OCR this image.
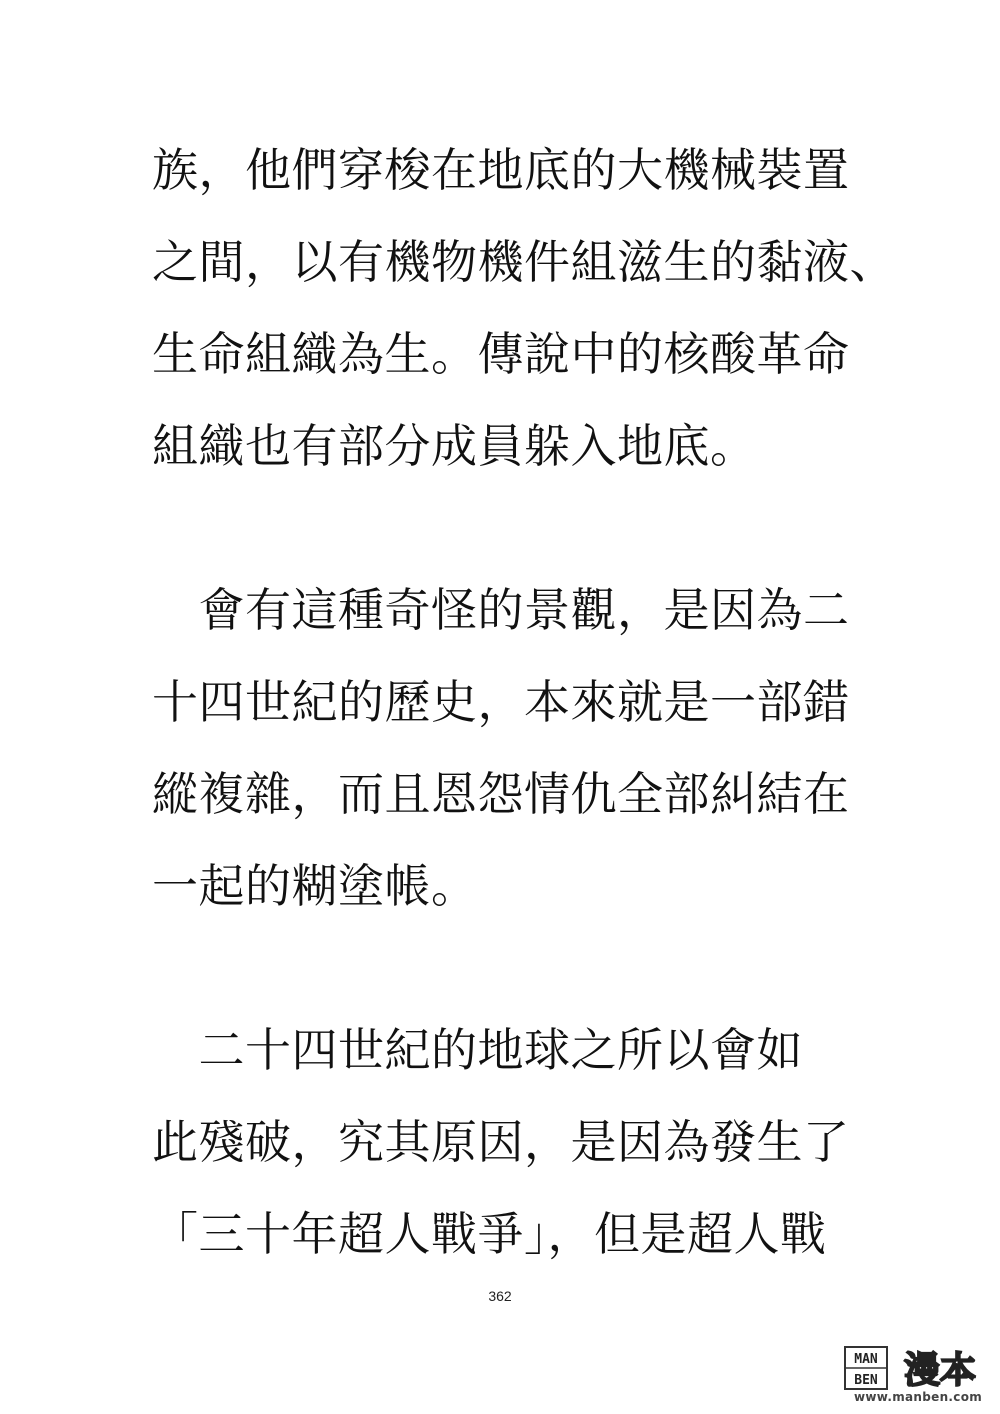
族，他們穿梭在地底的大機械裝置
之間，以有機物機件組滋生的黏液、
生命組織為生。傳說中的核酸革命
組織也有部分成員躲入地底。
　會有這種奇怪的景觀，是因為二
十四世紀的歷史，本來就是一部錯
縱複雜，而且恩怨情仇全部糾結在
一起的糊塗帳。
　二十四世紀的地球之所以會如
此殘破，究其原因，是因為發生了
「三十年超人戰爭」，但是超人戰
362
MAN
BEN 漫本
www.manben.com
